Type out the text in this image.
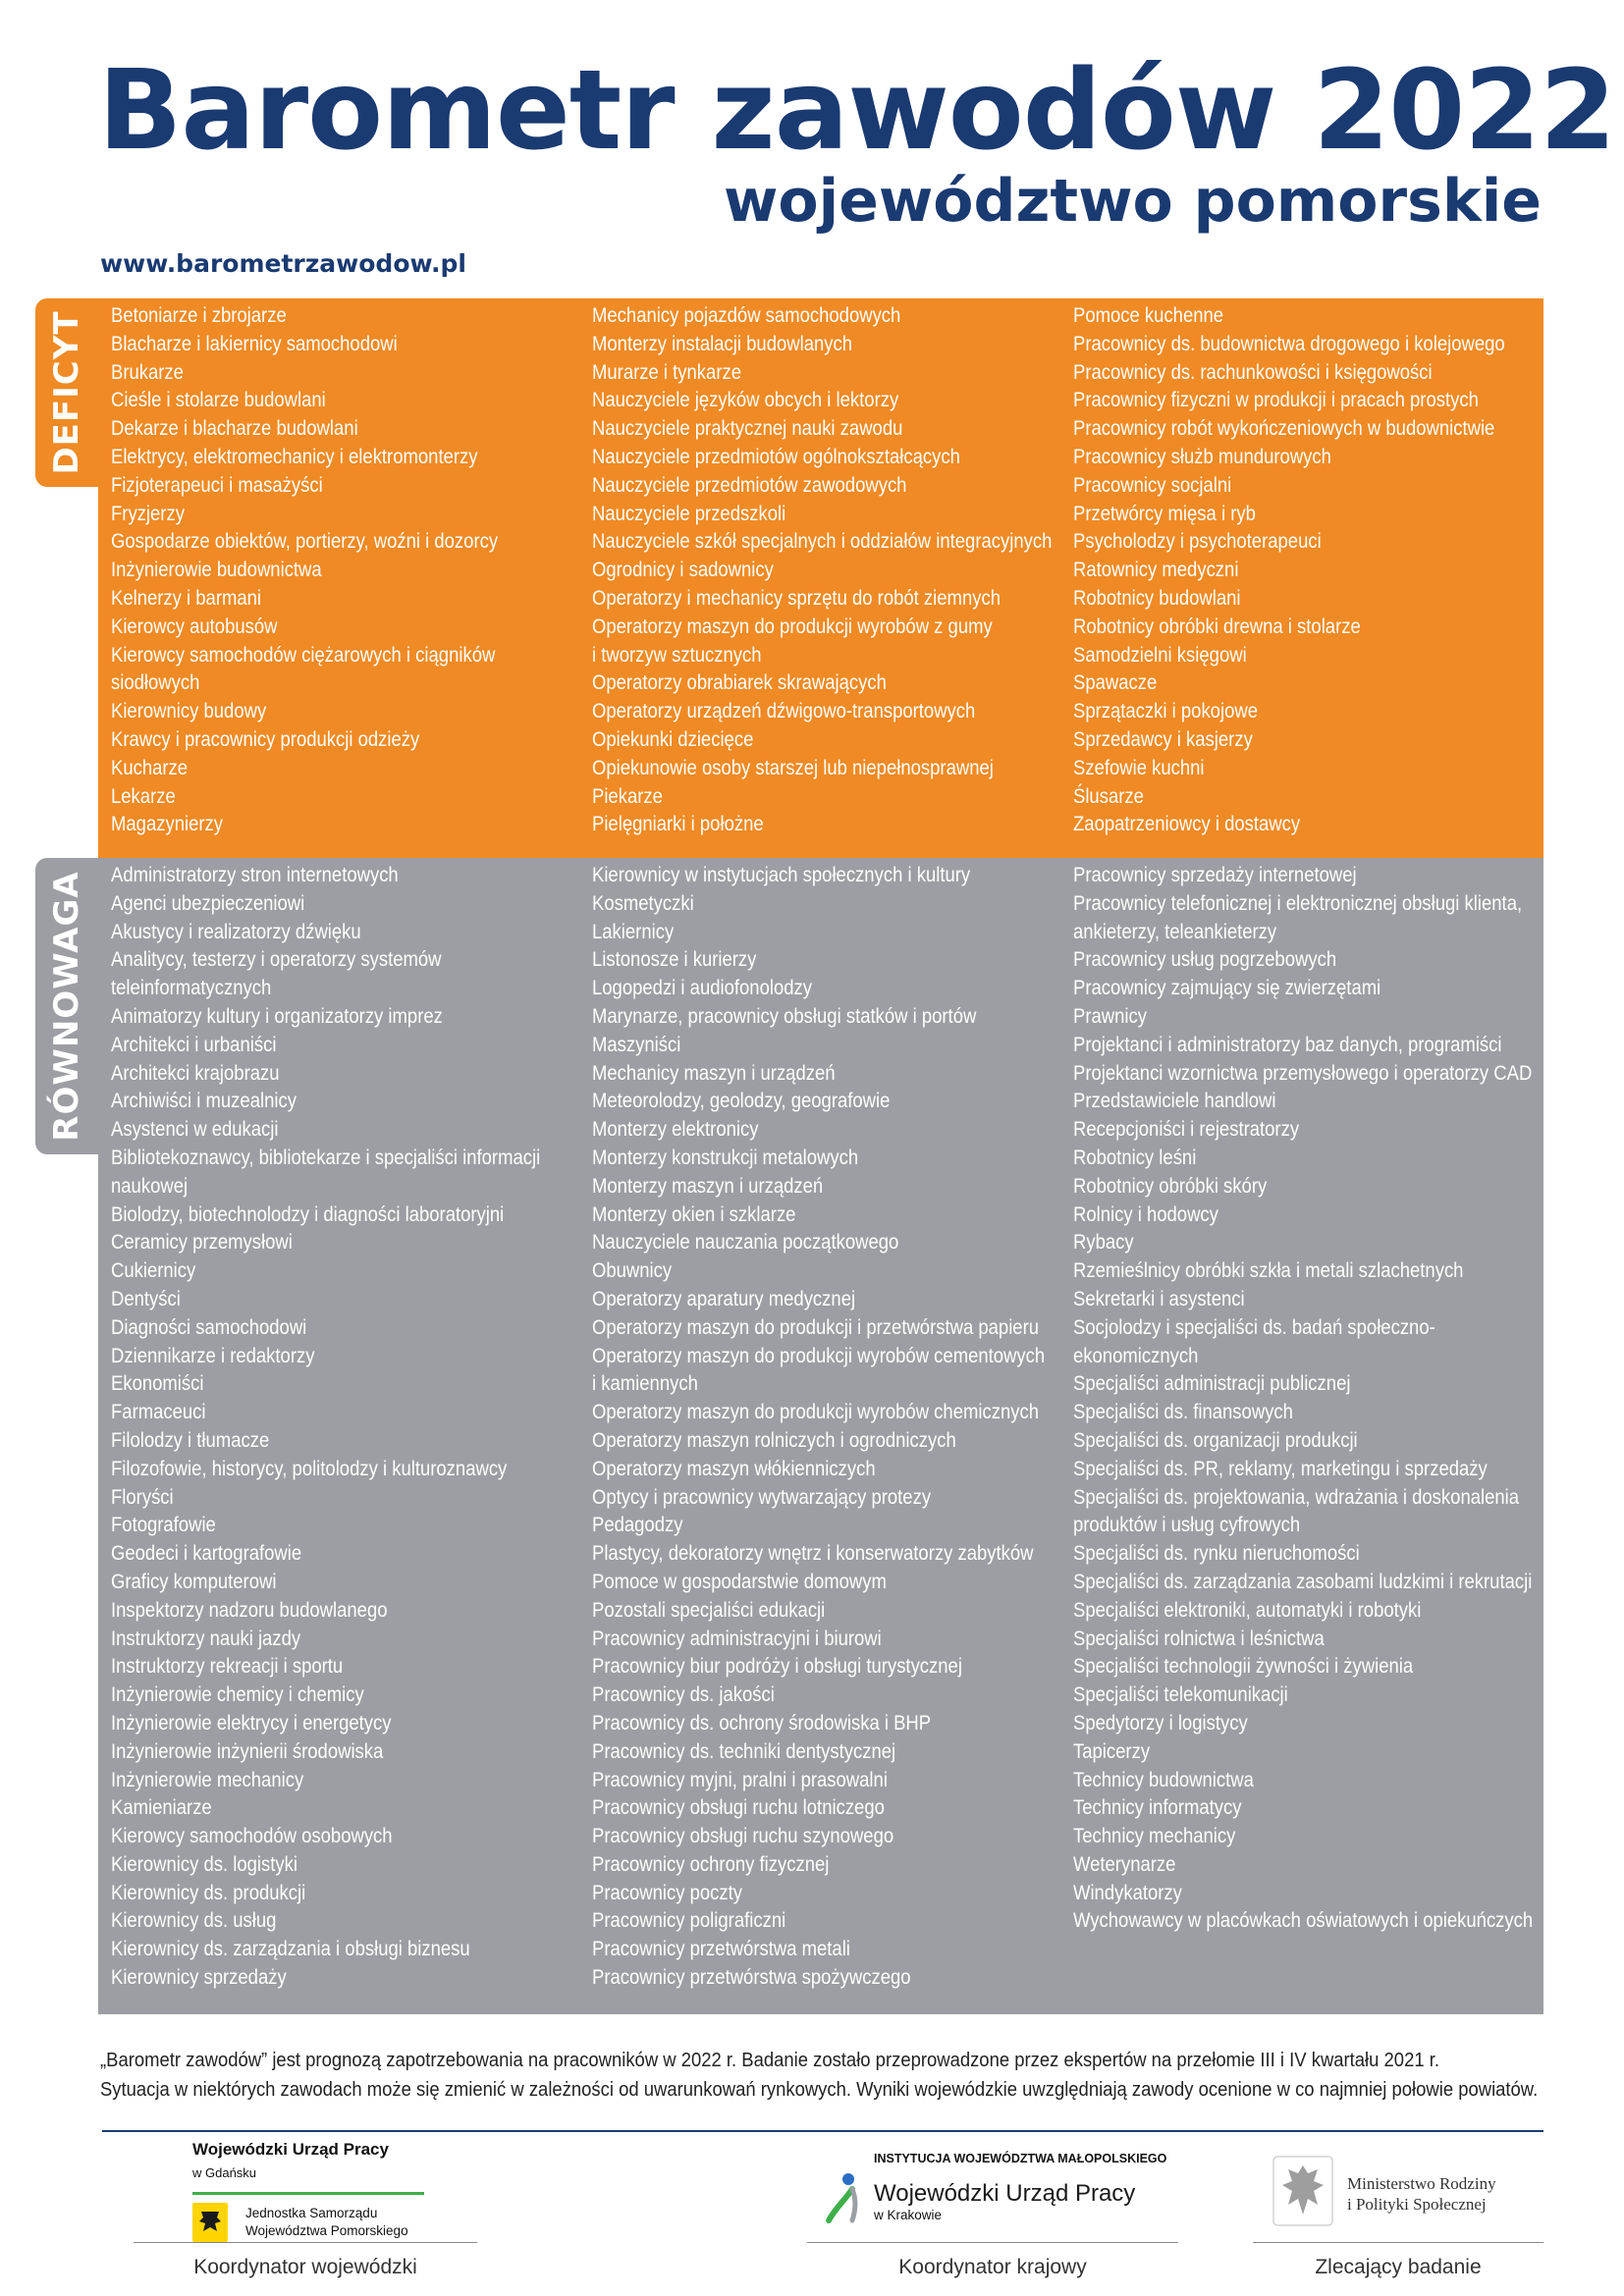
Barometr zawodów 2022
województwo pomorskie
www.barometrzawodow.pl
DEFICYT Betoniarze i zbrojarze
Blacharze i lakiernicy samochodowi
Brukarze
Cieśle i stolarze budowlani
Dekarze i blacharze budowlani
Elektrycy, elektromechanicy i elektromonterzy
Fizjoterapeuci i masażyści
Fryzjerzy
Gospodarze obiektów, portierzy, woźni i dozorcy
Inżynierowie budownictwa
Kelnerzy i barmani
Kierowcy autobusów
Kierowcy samochodów ciężarowych i ciągników
siodłowych
Kierownicy budowy
Krawcy i pracownicy produkcji odzieży
Kucharze
Lekarze
Magazynierzy
Mechanicy pojazdów samochodowych
Monterzy instalacji budowlanych
Murarze i tynkarze
Nauczyciele języków obcych i lektorzy
Nauczyciele praktycznej nauki zawodu
Nauczyciele przedmiotów ogólnokształcących
Nauczyciele przedmiotów zawodowych
Nauczyciele przedszkoli
Nauczyciele szkół specjalnych i oddziałów integracyjnych
Ogrodnicy i sadownicy
Operatorzy i mechanicy sprzętu do robót ziemnych
Operatorzy maszyn do produkcji wyrobów z gumy
i tworzyw sztucznych
Operatorzy obrabiarek skrawających
Operatorzy urządzeń dźwigowo-transportowych
Opiekunki dziecięce
Opiekunowie osoby starszej lub niepełnosprawnej
Piekarze
Pielęgniarki i położne
Pomoce kuchenne
Pracownicy ds. budownictwa drogowego i kolejowego
Pracownicy ds. rachunkowości i księgowości
Pracownicy fizyczni w produkcji i pracach prostych
Pracownicy robót wykończeniowych w budownictwie
Pracownicy służb mundurowych
Pracownicy socjalni
Przetwórcy mięsa i ryb
Psycholodzy i psychoterapeuci
Ratownicy medyczni
Robotnicy budowlani
Robotnicy obróbki drewna i stolarze
Samodzielni księgowi
Spawacze
Sprzątaczki i pokojowe
Sprzedawcy i kasjerzy
Szefowie kuchni
Ślusarze
Zaopatrzeniowcy i dostawcy
RÓWNOWAGA Administratorzy stron internetowych
Agenci ubezpieczeniowi
Akustycy i realizatorzy dźwięku
Analitycy, testerzy i operatorzy systemów
teleinformatycznych
Animatorzy kultury i organizatorzy imprez
Architekci i urbaniści
Architekci krajobrazu
Archiwiści i muzealnicy
Asystenci w edukacji
Bibliotekoznawcy, bibliotekarze i specjaliści informacji
naukowej
Biolodzy, biotechnolodzy i diagności laboratoryjni
Ceramicy przemysłowi
Cukiernicy
Dentyści
Diagności samochodowi
Dziennikarze i redaktorzy
Ekonomiści
Farmaceuci
Filolodzy i tłumacze
Filozofowie, historycy, politolodzy i kulturoznawcy
Floryści
Fotografowie
Geodeci i kartografowie
Graficy komputerowi
Inspektorzy nadzoru budowlanego
Instruktorzy nauki jazdy
Instruktorzy rekreacji i sportu
Inżynierowie chemicy i chemicy
Inżynierowie elektrycy i energetycy
Inżynierowie inżynierii środowiska
Inżynierowie mechanicy
Kamieniarze
Kierowcy samochodów osobowych
Kierownicy ds. logistyki
Kierownicy ds. produkcji
Kierownicy ds. usług
Kierownicy ds. zarządzania i obsługi biznesu
Kierownicy sprzedaży
Kierownicy w instytucjach społecznych i kultury
Kosmetyczki
Lakiernicy
Listonosze i kurierzy
Logopedzi i audiofonolodzy
Marynarze, pracownicy obsługi statków i portów
Maszyniści
Mechanicy maszyn i urządzeń
Meteorolodzy, geolodzy, geografowie
Monterzy elektronicy
Monterzy konstrukcji metalowych
Monterzy maszyn i urządzeń
Monterzy okien i szklarze
Nauczyciele nauczania początkowego
Obuwnicy
Operatorzy aparatury medycznej
Operatorzy maszyn do produkcji i przetwórstwa papieru
Operatorzy maszyn do produkcji wyrobów cementowych
i kamiennych
Operatorzy maszyn do produkcji wyrobów chemicznych
Operatorzy maszyn rolniczych i ogrodniczych
Operatorzy maszyn włókienniczych
Optycy i pracownicy wytwarzający protezy
Pedagodzy
Plastycy, dekoratorzy wnętrz i konserwatorzy zabytków
Pomoce w gospodarstwie domowym
Pozostali specjaliści edukacji
Pracownicy administracyjni i biurowi
Pracownicy biur podróży i obsługi turystycznej
Pracownicy ds. jakości
Pracownicy ds. ochrony środowiska i BHP
Pracownicy ds. techniki dentystycznej
Pracownicy myjni, pralni i prasowalni
Pracownicy obsługi ruchu lotniczego
Pracownicy obsługi ruchu szynowego
Pracownicy ochrony fizycznej
Pracownicy poczty
Pracownicy poligraficzni
Pracownicy przetwórstwa metali
Pracownicy przetwórstwa spożywczego
Pracownicy sprzedaży internetowej
Pracownicy telefonicznej i elektronicznej obsługi klienta,
ankieterzy, teleankieterzy
Pracownicy usług pogrzebowych
Pracownicy zajmujący się zwierzętami
Prawnicy
Projektanci i administratorzy baz danych, programiści
Projektanci wzornictwa przemysłowego i operatorzy CAD
Przedstawiciele handlowi
Recepcjoniści i rejestratorzy
Robotnicy leśni
Robotnicy obróbki skóry
Rolnicy i hodowcy
Rybacy
Rzemieślnicy obróbki szkła i metali szlachetnych
Sekretarki i asystenci
Socjolodzy i specjaliści ds. badań społeczno-
ekonomicznych
Specjaliści administracji publicznej
Specjaliści ds. finansowych
Specjaliści ds. organizacji produkcji
Specjaliści ds. PR, reklamy, marketingu i sprzedaży
Specjaliści ds. projektowania, wdrażania i doskonalenia
produktów i usług cyfrowych
Specjaliści ds. rynku nieruchomości
Specjaliści ds. zarządzania zasobami ludzkimi i rekrutacji
Specjaliści elektroniki, automatyki i robotyki
Specjaliści rolnictwa i leśnictwa
Specjaliści technologii żywności i żywienia
Specjaliści telekomunikacji
Spedytorzy i logistycy
Tapicerzy
Technicy budownictwa
Technicy informatycy
Technicy mechanicy
Weterynarze
Windykatorzy
Wychowawcy w placówkach oświatowych i opiekuńczych

„Barometr zawodów” jest prognozą zapotrzebowania na pracowników w 2022 r. Badanie zostało przeprowadzone przez ekspertów na przełomie III i IV kwartału 2021 r.

Sytuacja w niektórych zawodach może się zmienić w zależności od uwarunkowań rynkowych. Wyniki wojewódzkie uwzględniają zawody ocenione w co najmniej połowie powiatów.

Wojewódzki Urząd Pracy
w Gdańsku
Jednostka Samorządu
Województwa Pomorskiego
INSTYTUCJA WOJEWÓDZTWA MAŁOPOLSKIEGO
Wojewódzki Urząd Pracy
w Krakowie
Ministerstwo Rodziny
i Polityki Społecznej
Koordynator wojewódzki	Koordynator krajowy	Zlecający badanie
